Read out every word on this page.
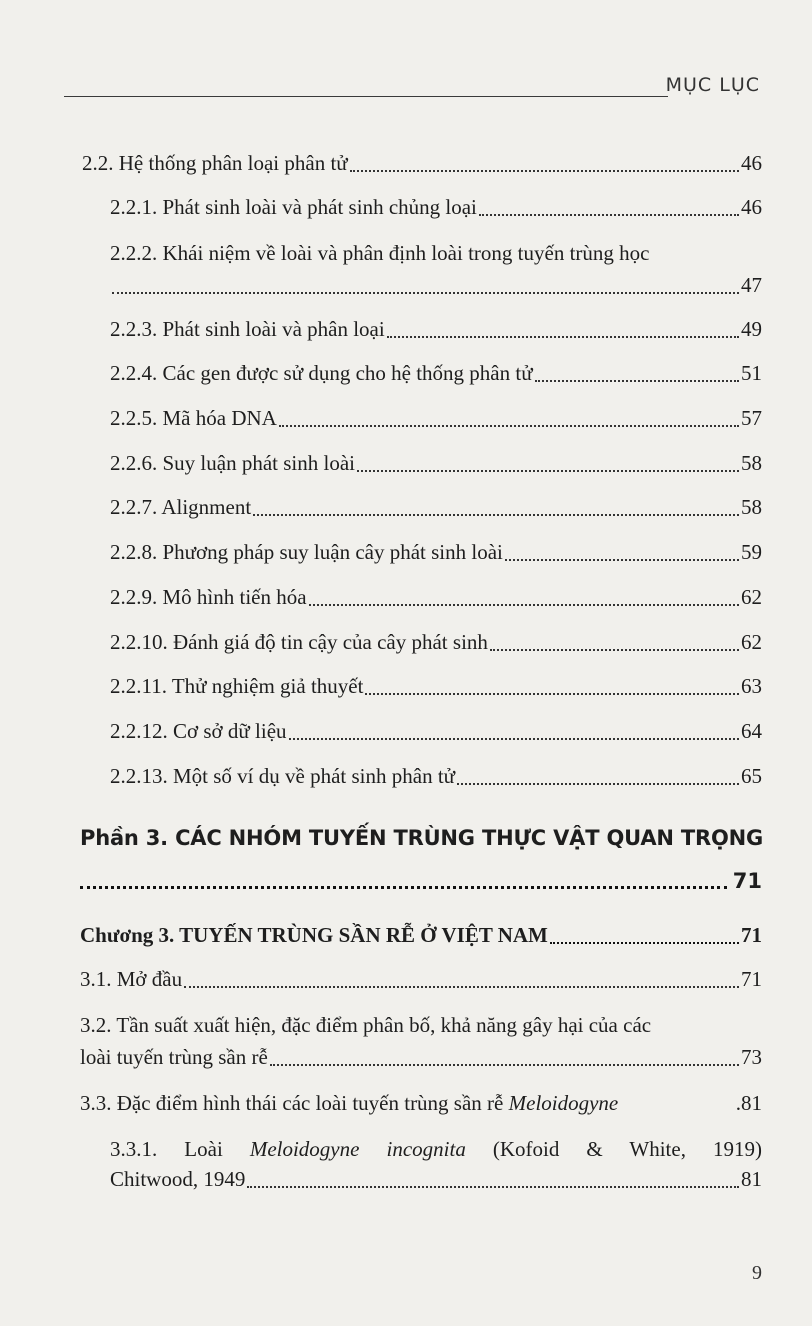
MỤC LỤC
2.2. Hệ thống phân loại phân tử	46
2.2.1. Phát sinh loài và phát sinh chủng loại	46
2.2.2. Khái niệm về loài và phân định loài trong tuyến trùng học
47
2.2.3. Phát sinh loài và phân loại	49
2.2.4. Các gen được sử dụng cho hệ thống phân tử	51
2.2.5. Mã hóa DNA	57
2.2.6. Suy luận phát sinh loài	58
2.2.7. Alignment	58
2.2.8. Phương pháp suy luận cây phát sinh loài	59
2.2.9. Mô hình tiến hóa	62
2.2.10. Đánh giá độ tin cậy của cây phát sinh	62
2.2.11. Thử nghiệm giả thuyết	63
2.2.12. Cơ sở dữ liệu	64
2.2.13. Một số ví dụ về phát sinh phân tử	65
Phần 3. CÁC NHÓM TUYẾN TRÙNG THỰC VẬT QUAN TRỌNG
71
Chương 3. TUYẾN TRÙNG SẦN RỄ Ở VIỆT NAM	71
3.1. Mở đầu	71
3.2. Tần suất xuất hiện, đặc điểm phân bố, khả năng gây hại của các
loài tuyến trùng sần rễ	73
3.3. Đặc điểm hình thái các loài tuyến trùng sần rễ Meloidogyne	.81
3.3.1. Loài Meloidogyne incognita (Kofoid & White, 1919)
Chitwood, 1949	81
9
